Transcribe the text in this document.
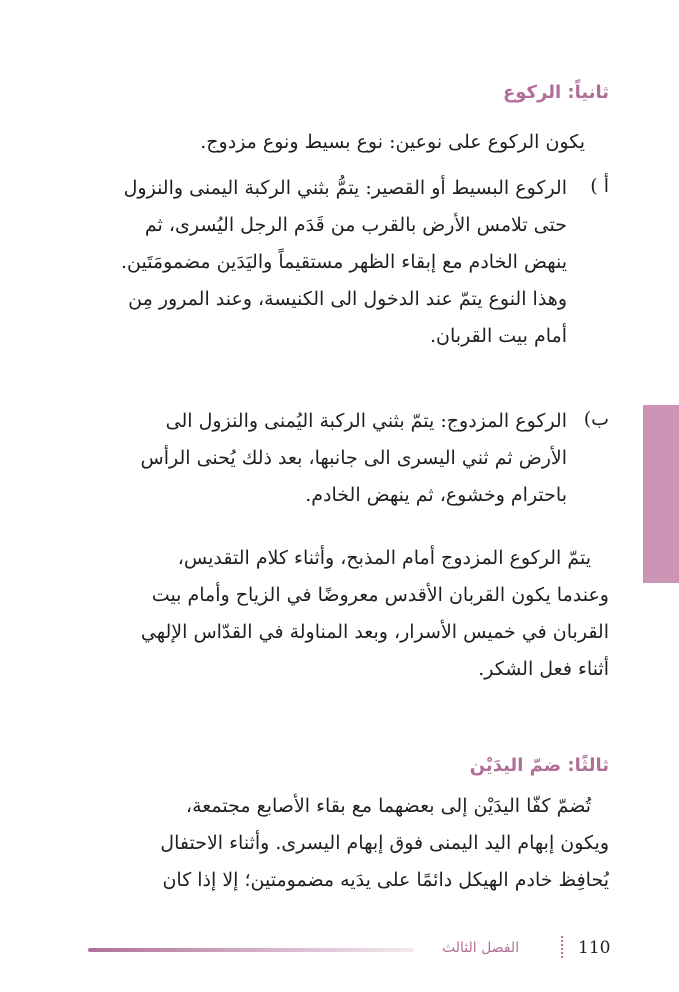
ثانياً: الركوع
يكون الركوع على نوعين: نوع بسيط ونوع مزدوج.
أ )
الركوع البسيط أو القصير: يتمُّ بثني الركبة اليمنى والنزول
حتى تلامس الأرض بالقرب من قَدَم الرجل اليُسرى، ثم
ينهض الخادم مع إبقاء الظهر مستقيماً واليَدَين مضمومَتَين.
وهذا النوع يتمّ عند الدخول الى الكنيسة، وعند المرور مِن
أمام بيت القربان.
ب)
الركوع المزدوج: يتمّ بثني الركبة اليُمنى والنزول الى
الأرض ثم ثني اليسرى الى جانبها، بعد ذلك يُحنى الرأس
باحترام وخشوع، ثم ينهض الخادم.
يتمّ الركوع المزدوج أمام المذبح، وأثناء كلام التقديس،
وعندما يكون القربان الأقدس معروضًا في الزياح وأمام بيت
القربان في خميس الأسرار، وبعد المناولة في القدّاس الإلهي
أثناء فعل الشكر.
ثالثًا: ضمّ اليدَيْن
تُضمّ كفّا اليدَيْن إلى بعضهما مع بقاء الأصابع مجتمعة،
ويكون إبهام اليد اليمنى فوق إبهام اليسرى. وأثناء الاحتفال
يُحافِظ خادم الهيكل دائمًا على يدَيه مضمومتين؛ إلا إذا كان
الفصل الثالث	110
